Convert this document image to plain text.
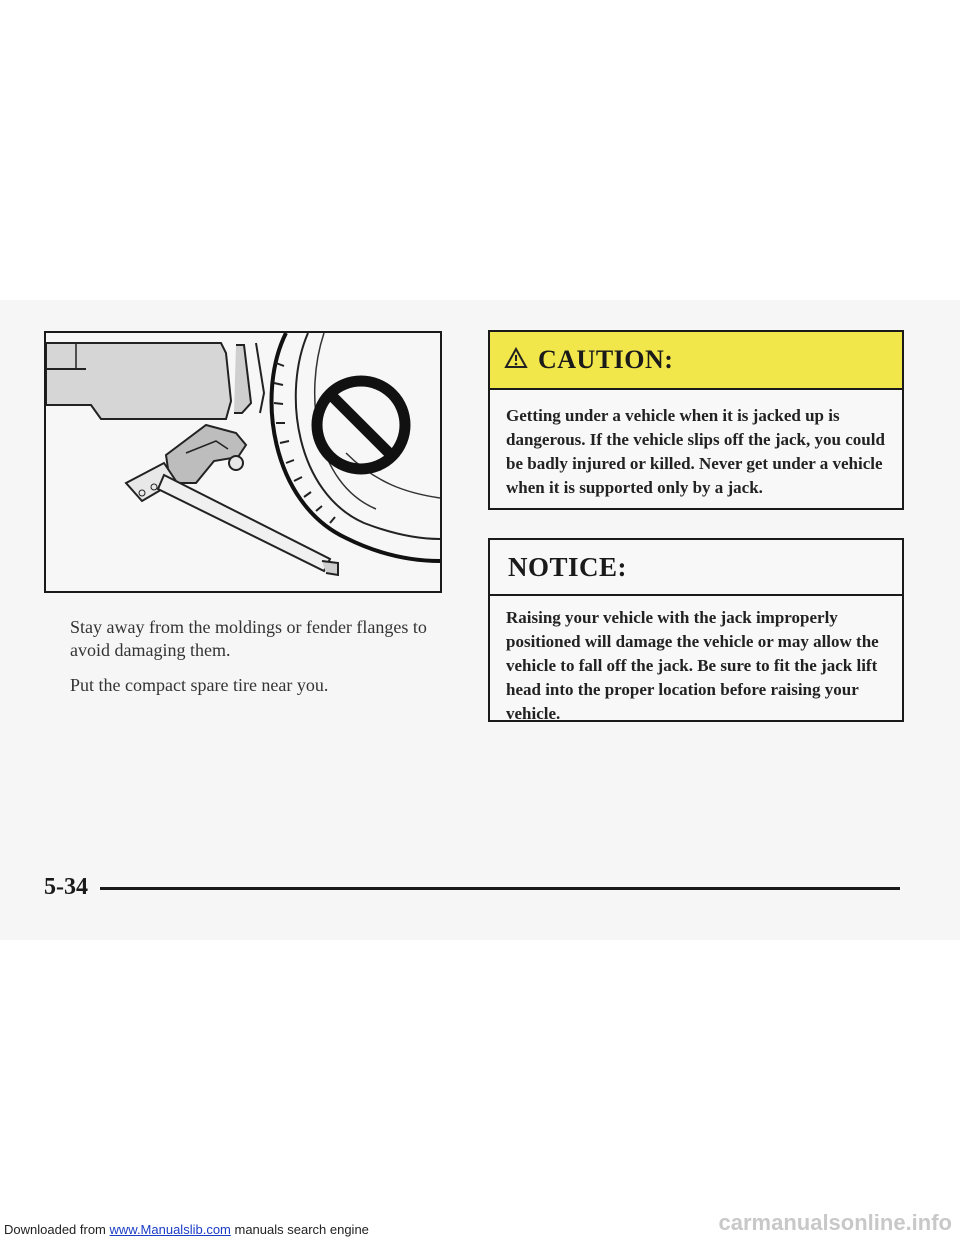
Stay away from the moldings or fender flanges to avoid damaging them.

Put the compact spare tire near you.

CAUTION:
Getting under a vehicle when it is jacked up is dangerous. If the vehicle slips off the jack, you could be badly injured or killed. Never get under a vehicle when it is supported only by a jack.
NOTICE:
Raising your vehicle with the jack improperly positioned will damage the vehicle or may allow the vehicle to fall off the jack. Be sure to fit the jack lift head into the proper location before raising your vehicle.
5-34
Downloaded from www.Manualslib.com manuals search engine	carmanualsonline.info
